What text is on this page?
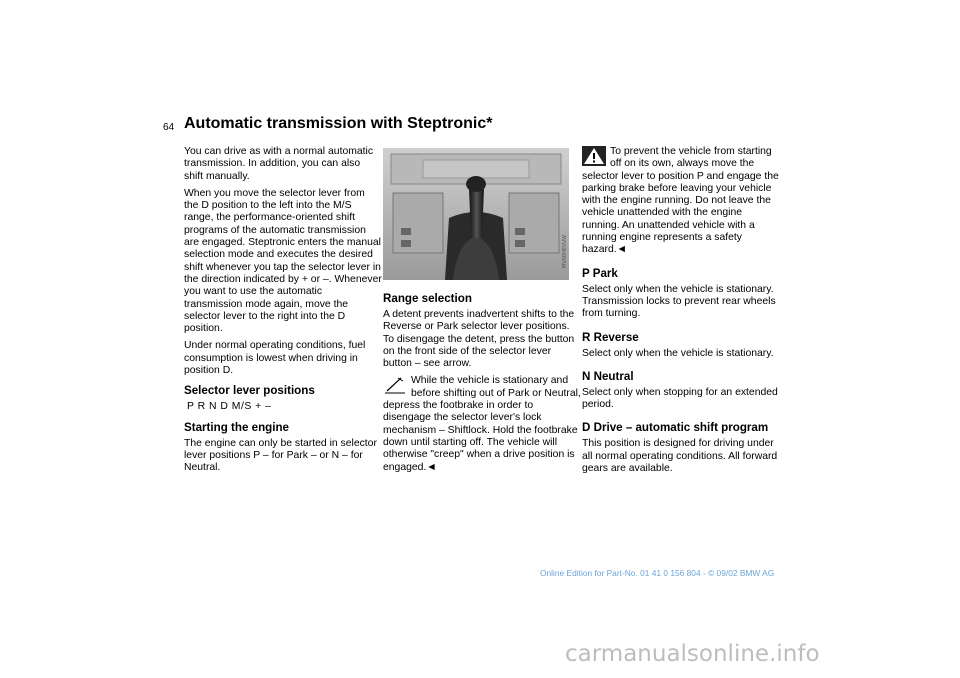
64 Automatic transmission with Steptronic*

You can drive as with a normal automatic transmission. In addition, you can also shift manually.

When you move the selector lever from the D position to the left into the M/S range, the performance-oriented shift programs of the automatic transmission are engaged. Steptronic enters the manual selection mode and executes the desired shift whenever you tap the selector lever in the direction indicated by + or –. Whenever you want to use the automatic transmission mode again, move the selector lever to the right into the D position.

Under normal operating conditions, fuel consumption is lowest when driving in position D.

Selector lever positions

P R N D M/S + –

Starting the engine

The engine can only be started in selector lever positions P – for Park – or N – for Neutral.

MV00HEVUW
Range selection

A detent prevents inadvertent shifts to the Reverse or Park selector lever positions. To disengage the detent, press the button on the front side of the selector lever button – see arrow.

While the vehicle is stationary and before shifting out of Park or Neutral, depress the footbrake in order to disengage the selector lever's lock mechanism – Shiftlock. Hold the footbrake down until starting off. The vehicle will otherwise "creep" when a drive position is engaged.◄
To prevent the vehicle from starting off on its own, always move the selector lever to position P and engage the parking brake before leaving your vehicle with the engine running. Do not leave the vehicle unattended with the engine running. An unattended vehicle with a running engine represents a safety hazard.◄
P Park

Select only when the vehicle is stationary. Transmission locks to prevent rear wheels from turning.

R Reverse

Select only when the vehicle is stationary.

N Neutral

Select only when stopping for an extended period.

D Drive – automatic shift program

This position is designed for driving under all normal operating conditions. All forward gears are available.

Online Edition for Part-No. 01 41 0 156 804 - © 09/02 BMW AG
carmanualsonline.info
